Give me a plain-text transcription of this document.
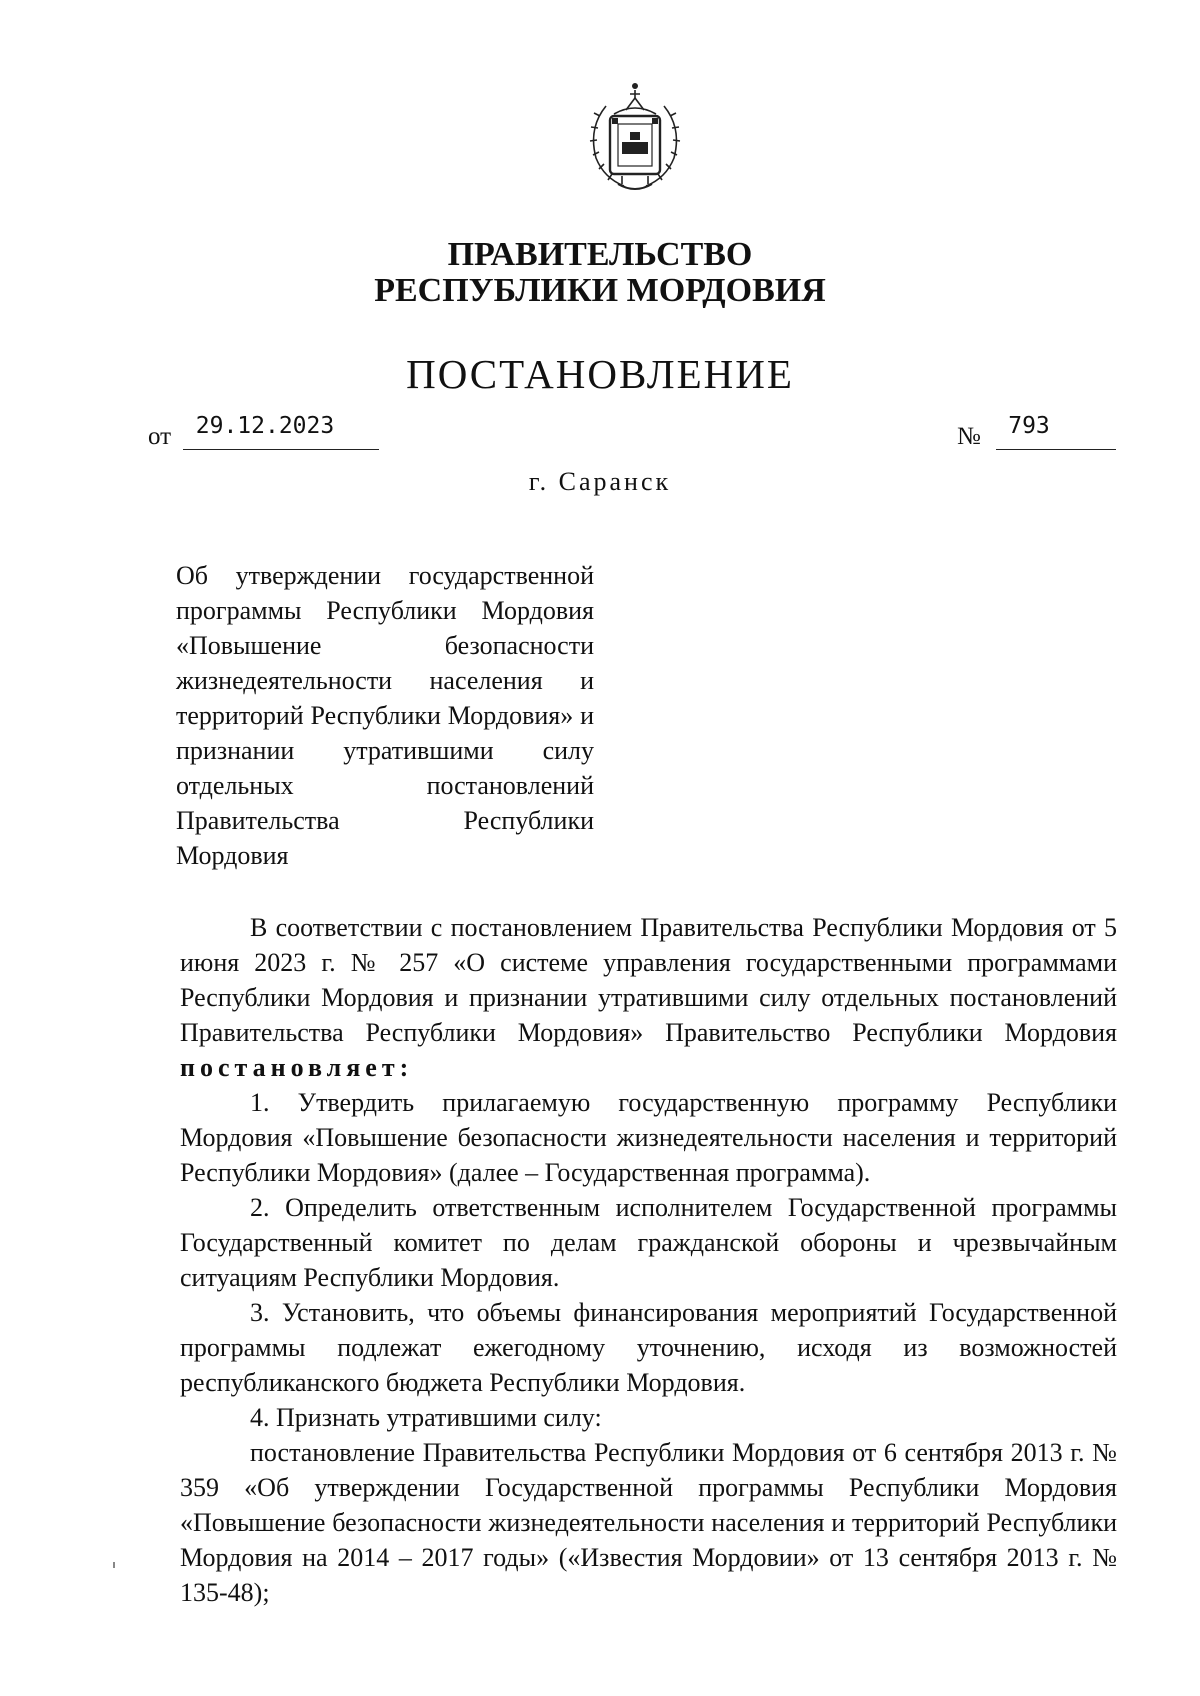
ПРАВИТЕЛЬСТВО
РЕСПУБЛИКИ МОРДОВИЯ
ПОСТАНОВЛЕНИЕ
от	29.12.2023	№	793
г. Саранск
Об утверждении государственной программы Республики Мордовия «Повышение безопасности жизнедеятельности населения и территорий Республики Мордовия» и признании утратившими силу отдельных постановлений Правительства Республики Мордовия

В соответствии с постановлением Правительства Республики Мордовия от 5 июня 2023 г. № 257 «О системе управления государственными программами Республики Мордовия и признании утратившими силу отдельных постановлений Правительства Республики Мордовия» Правительство Республики Мордовия постановляет:

1. Утвердить прилагаемую государственную программу Республики Мордовия «Повышение безопасности жизнедеятельности населения и территорий Республики Мордовия» (далее – Государственная программа).

2. Определить ответственным исполнителем Государственной программы Государственный комитет по делам гражданской обороны и чрезвычайным ситуациям Республики Мордовия.

3. Установить, что объемы финансирования мероприятий Государственной программы подлежат ежегодному уточнению, исходя из возможностей республиканского бюджета Республики Мордовия.

4. Признать утратившими силу:

постановление Правительства Республики Мордовия от 6 сентября 2013 г. № 359 «Об утверждении Государственной программы Республики Мордовия «Повышение безопасности жизнедеятельности населения и территорий Республики Мордовия на 2014 – 2017 годы» («Известия Мордовии» от 13 сентября 2013 г. № 135-48);
